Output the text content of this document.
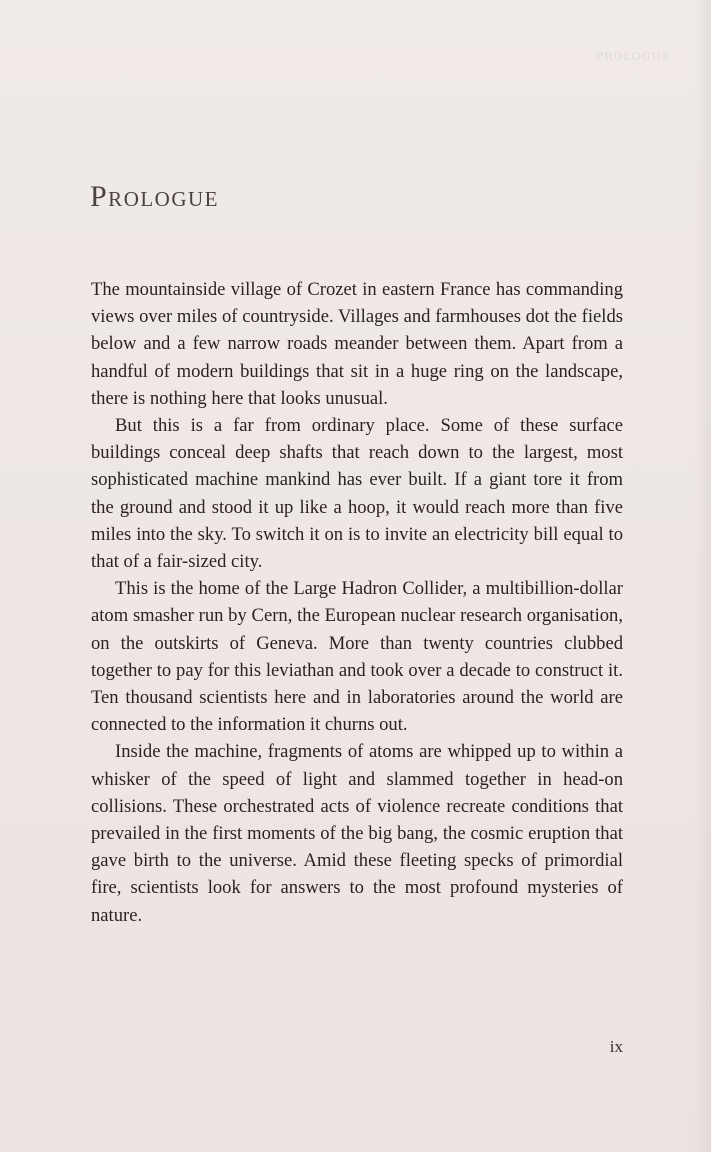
PROLOGUE

Prologue

The mountainside village of Crozet in eastern France has commanding views over miles of countryside. Villages and farmhouses dot the fields below and a few narrow roads meander between them. Apart from a handful of modern buildings that sit in a huge ring on the landscape, there is nothing here that looks unusual.

But this is a far from ordinary place. Some of these surface buildings conceal deep shafts that reach down to the largest, most sophisticated machine mankind has ever built. If a giant tore it from the ground and stood it up like a hoop, it would reach more than five miles into the sky. To switch it on is to invite an electricity bill equal to that of a fair-sized city.

This is the home of the Large Hadron Collider, a multibillion-dollar atom smasher run by Cern, the European nuclear research organisation, on the outskirts of Geneva. More than twenty countries clubbed together to pay for this leviathan and took over a decade to construct it. Ten thousand scientists here and in laboratories around the world are connected to the information it churns out.

Inside the machine, fragments of atoms are whipped up to within a whisker of the speed of light and slammed together in head-on collisions. These orchestrated acts of violence recreate conditions that prevailed in the first moments of the big bang, the cosmic eruption that gave birth to the universe. Amid these fleeting specks of primordial fire, scientists look for answers to the most profound mysteries of nature.

ix
